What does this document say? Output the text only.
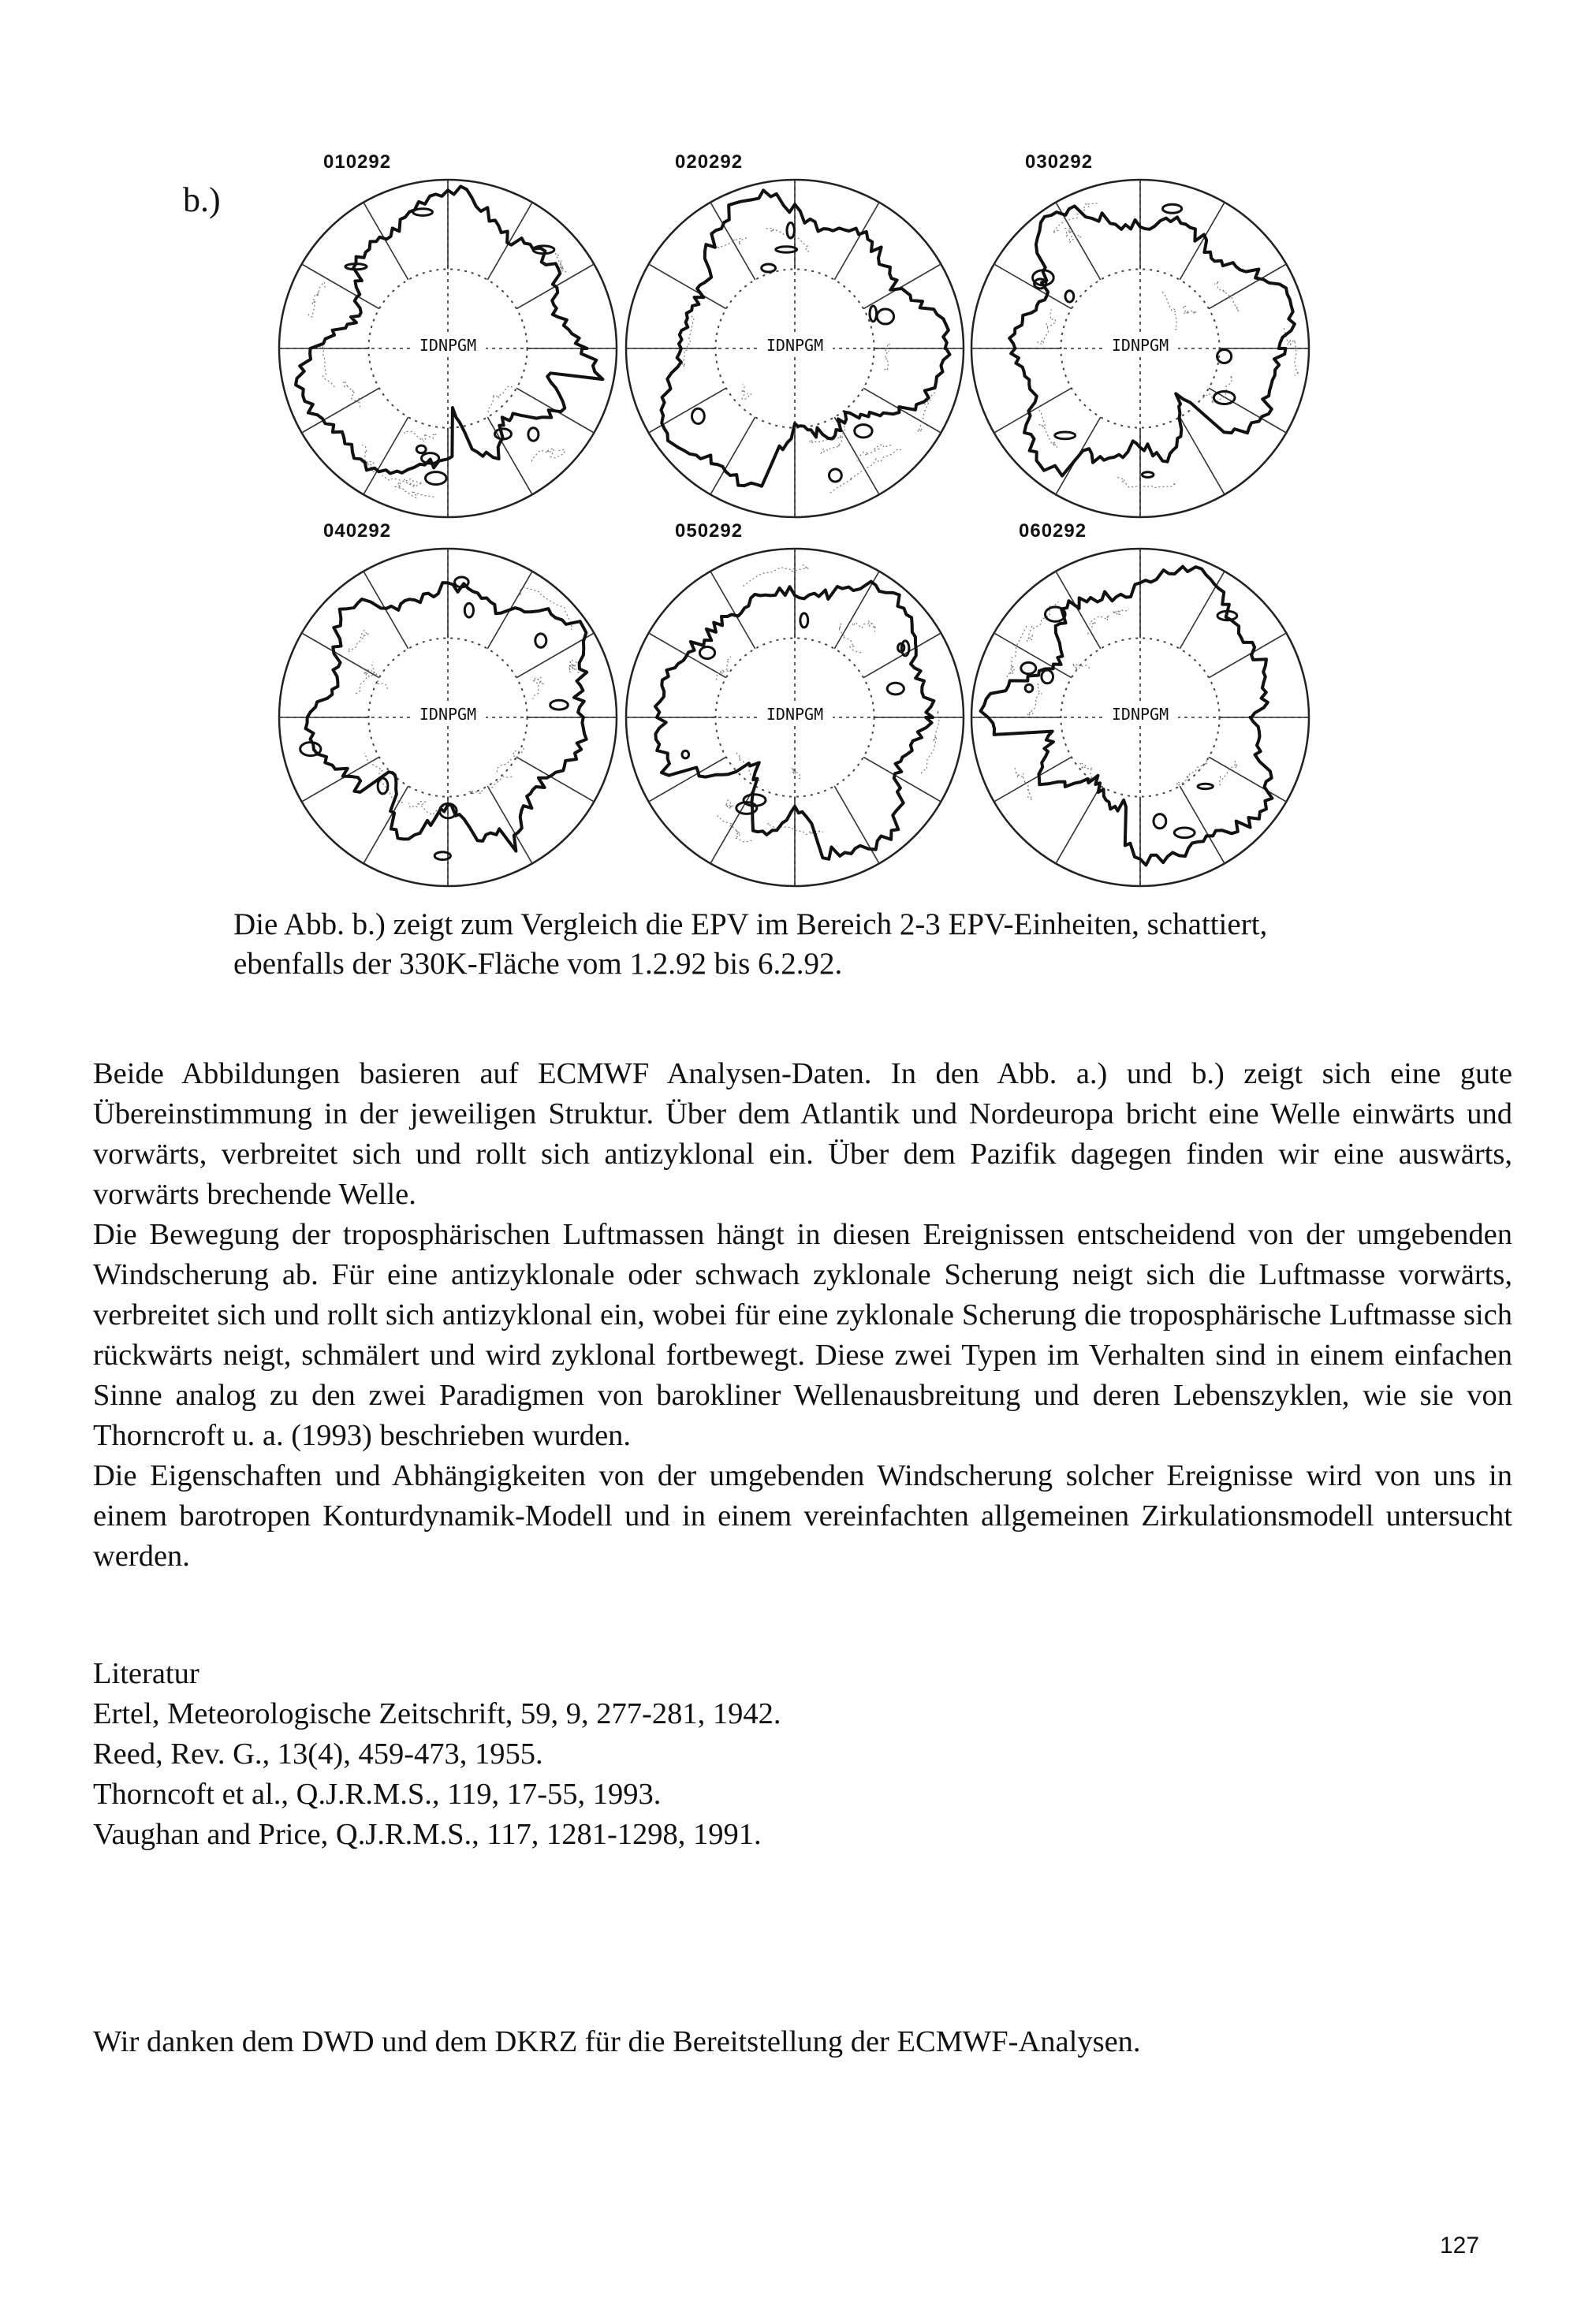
b.)
010292
IDNPGM
020292
IDNPGM
030292
IDNPGM
040292
IDNPGM
050292
IDNPGM
060292
IDNPGM
Die Abb. b.) zeigt zum Vergleich die EPV im Bereich 2-3 EPV-Einheiten, schattiert,
ebenfalls der 330K-Fläche vom 1.2.92 bis 6.2.92.

Beide Abbildungen basieren auf ECMWF Analysen-Daten. In den Abb. a.) und b.) zeigt sich eine gute Übereinstimmung in der jeweiligen Struktur. Über dem Atlantik und Nordeuropa bricht eine Welle einwärts und vorwärts, verbreitet sich und rollt sich antizyklonal ein. Über dem Pazifik dagegen finden wir eine auswärts, vorwärts brechende Welle.

Die Bewegung der troposphärischen Luftmassen hängt in diesen Ereignissen entscheidend von der umgebenden Windscherung ab. Für eine antizyklonale oder schwach zyklonale Scherung neigt sich die Luftmasse vorwärts, verbreitet sich und rollt sich antizyklonal ein, wobei für eine zyklonale Scherung die troposphärische Luftmasse sich rückwärts neigt, schmälert und wird zyklonal fortbewegt. Diese zwei Typen im Verhalten sind in einem einfachen Sinne analog zu den zwei Paradigmen von barokliner Wellenausbreitung und deren Lebenszyklen, wie sie von Thorncroft u. a. (1993) beschrieben wurden.

Die Eigenschaften und Abhängigkeiten von der umgebenden Windscherung solcher Ereignisse wird von uns in einem barotropen Konturdynamik-Modell und in einem vereinfachten allgemeinen Zirkulationsmodell untersucht werden.

Literatur
Ertel, Meteorologische Zeitschrift, 59, 9, 277-281, 1942.
Reed, Rev. G., 13(4), 459-473, 1955.
Thorncoft et al., Q.J.R.M.S., 119, 17-55, 1993.
Vaughan and Price, Q.J.R.M.S., 117, 1281-1298, 1991.
Wir danken dem DWD und dem DKRZ für die Bereitstellung der ECMWF-Analysen.
127
